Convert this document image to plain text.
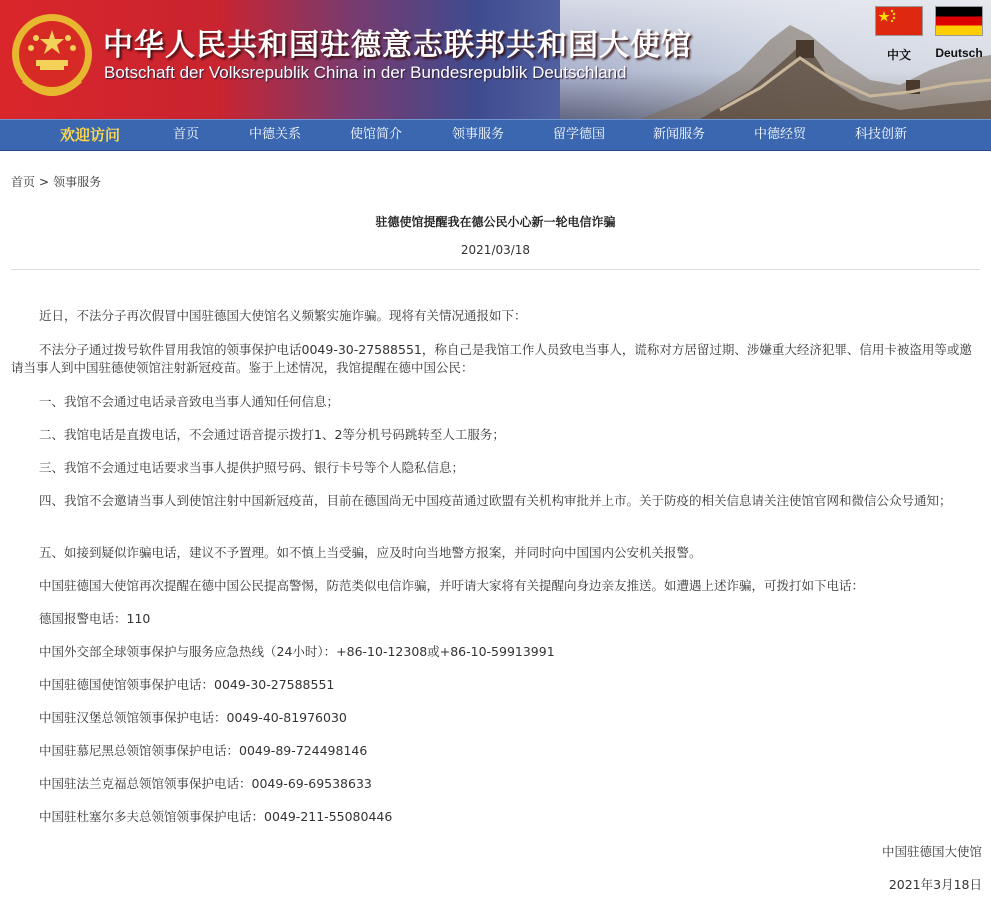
中华人民共和国驻德意志联邦共和国大使馆
Botschaft der Volksrepublik China in der Bundesrepublik Deutschland
中文	Deutsch
欢迎访问	首页	中德关系	使馆简介	领事服务	留学德国	新闻服务	中德经贸	科技创新
首页 > 领事服务
驻德使馆提醒我在德公民小心新一轮电信诈骗
2021/03/18
近日，不法分子再次假冒中国驻德国大使馆名义频繁实施诈骗。现将有关情况通报如下：
不法分子通过拨号软件冒用我馆的领事保护电话0049-30-27588551，称自己是我馆工作人员致电当事人，谎称对方居留过期、涉嫌重大经济犯罪、信用卡被盗用等或邀请当事人到中国驻德使领馆注射新冠疫苗。鉴于上述情况，我馆提醒在德中国公民：
一、我馆不会通过电话录音致电当事人通知任何信息；
二、我馆电话是直拨电话，不会通过语音提示拨打1、2等分机号码跳转至人工服务；
三、我馆不会通过电话要求当事人提供护照号码、银行卡号等个人隐私信息；
四、我馆不会邀请当事人到使馆注射中国新冠疫苗，目前在德国尚无中国疫苗通过欧盟有关机构审批并上市。关于防疫的相关信息请关注使馆官网和微信公众号通知；
五、如接到疑似诈骗电话，建议不予置理。如不慎上当受骗，应及时向当地警方报案，并同时向中国国内公安机关报警。
中国驻德国大使馆再次提醒在德中国公民提高警惕，防范类似电信诈骗，并吁请大家将有关提醒向身边亲友推送。如遭遇上述诈骗，可拨打如下电话：
德国报警电话：110
中国外交部全球领事保护与服务应急热线（24小时）：+86-10-12308或+86-10-59913991
中国驻德国使馆领事保护电话：0049-30-27588551
中国驻汉堡总领馆领事保护电话：0049-40-81976030
中国驻慕尼黑总领馆领事保护电话：0049-89-724498146
中国驻法兰克福总领馆领事保护电话：0049-69-69538633
中国驻杜塞尔多夫总领馆领事保护电话：0049-211-55080446
中国驻德国大使馆
2021年3月18日
